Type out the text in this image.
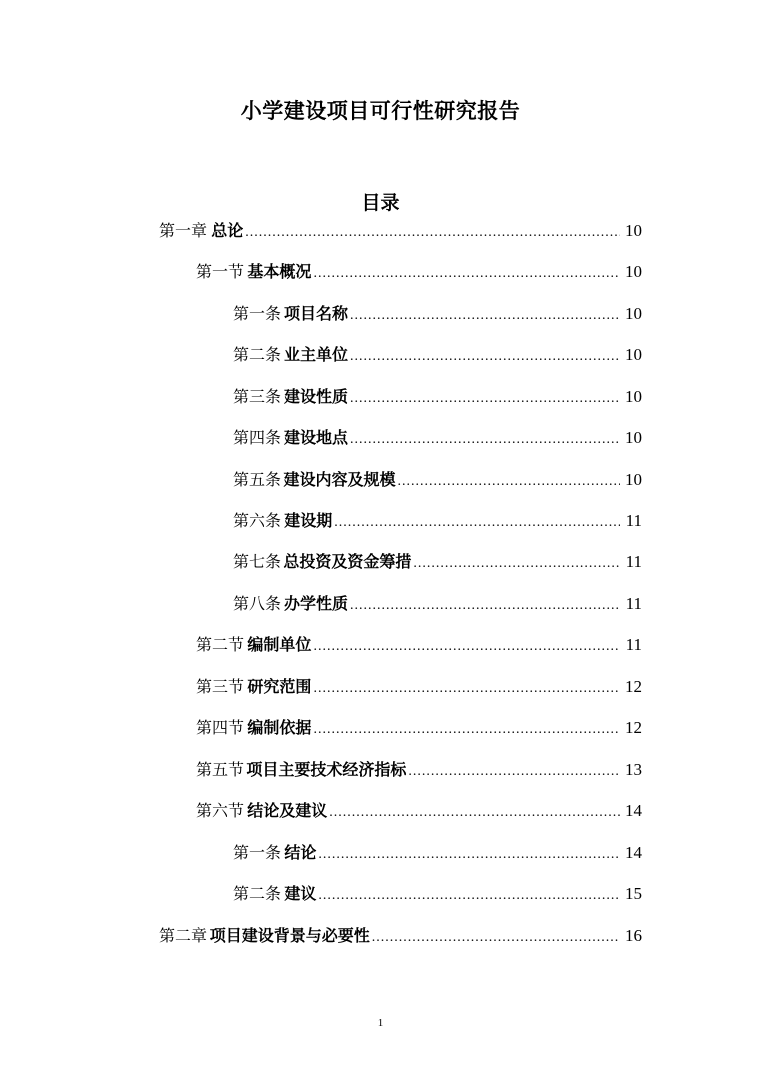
小学建设项目可行性研究报告
目录
第一章 总论 .....	10
第一节 基本概况 .....	10
第一条 项目名称 .....	10
第二条 业主单位 .....	10
第三条 建设性质 .....	10
第四条 建设地点 .....	10
第五条 建设内容及规模 .....	10
第六条 建设期 .....	11
第七条 总投资及资金筹措 .....	11
第八条 办学性质 .....	11
第二节 编制单位 .....	11
第三节 研究范围 .....	12
第四节 编制依据 .....	12
第五节 项目主要技术经济指标 .....	13
第六节 结论及建议 .....	14
第一条 结论 .....	14
第二条 建议 .....	15
第二章 项目建设背景与必要性 .....	16
1
